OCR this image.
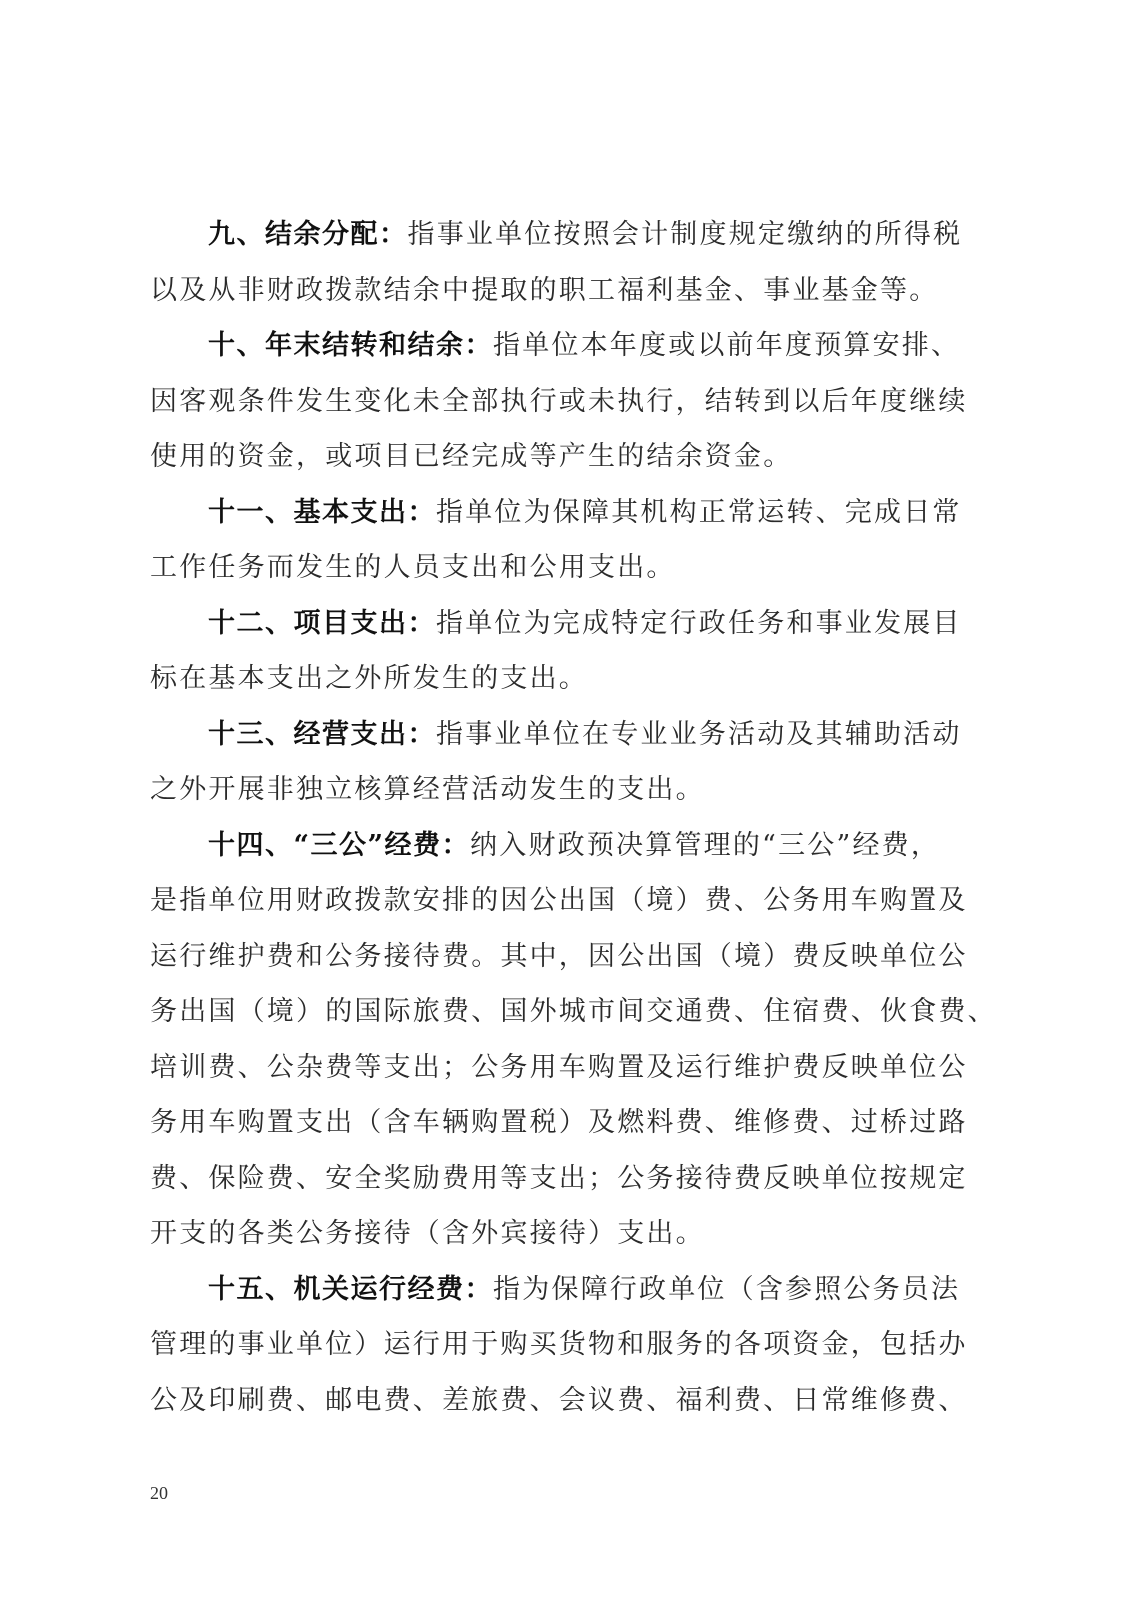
九、结余分配：指事业单位按照会计制度规定缴纳的所得税
以及从非财政拨款结余中提取的职工福利基金、事业基金等。
十、年末结转和结余：指单位本年度或以前年度预算安排、
因客观条件发生变化未全部执行或未执行，结转到以后年度继续
使用的资金，或项目已经完成等产生的结余资金。
十一、基本支出：指单位为保障其机构正常运转、完成日常
工作任务而发生的人员支出和公用支出。
十二、项目支出：指单位为完成特定行政任务和事业发展目
标在基本支出之外所发生的支出。
十三、经营支出：指事业单位在专业业务活动及其辅助活动
之外开展非独立核算经营活动发生的支出。
十四、“三公”经费：纳入财政预决算管理的“三公”经费，
是指单位用财政拨款安排的因公出国（境）费、公务用车购置及
运行维护费和公务接待费。其中，因公出国（境）费反映单位公
务出国（境）的国际旅费、国外城市间交通费、住宿费、伙食费、
培训费、公杂费等支出；公务用车购置及运行维护费反映单位公
务用车购置支出（含车辆购置税）及燃料费、维修费、过桥过路
费、保险费、安全奖励费用等支出；公务接待费反映单位按规定
开支的各类公务接待（含外宾接待）支出。
十五、机关运行经费：指为保障行政单位（含参照公务员法
管理的事业单位）运行用于购买货物和服务的各项资金，包括办
公及印刷费、邮电费、差旅费、会议费、福利费、日常维修费、
20
